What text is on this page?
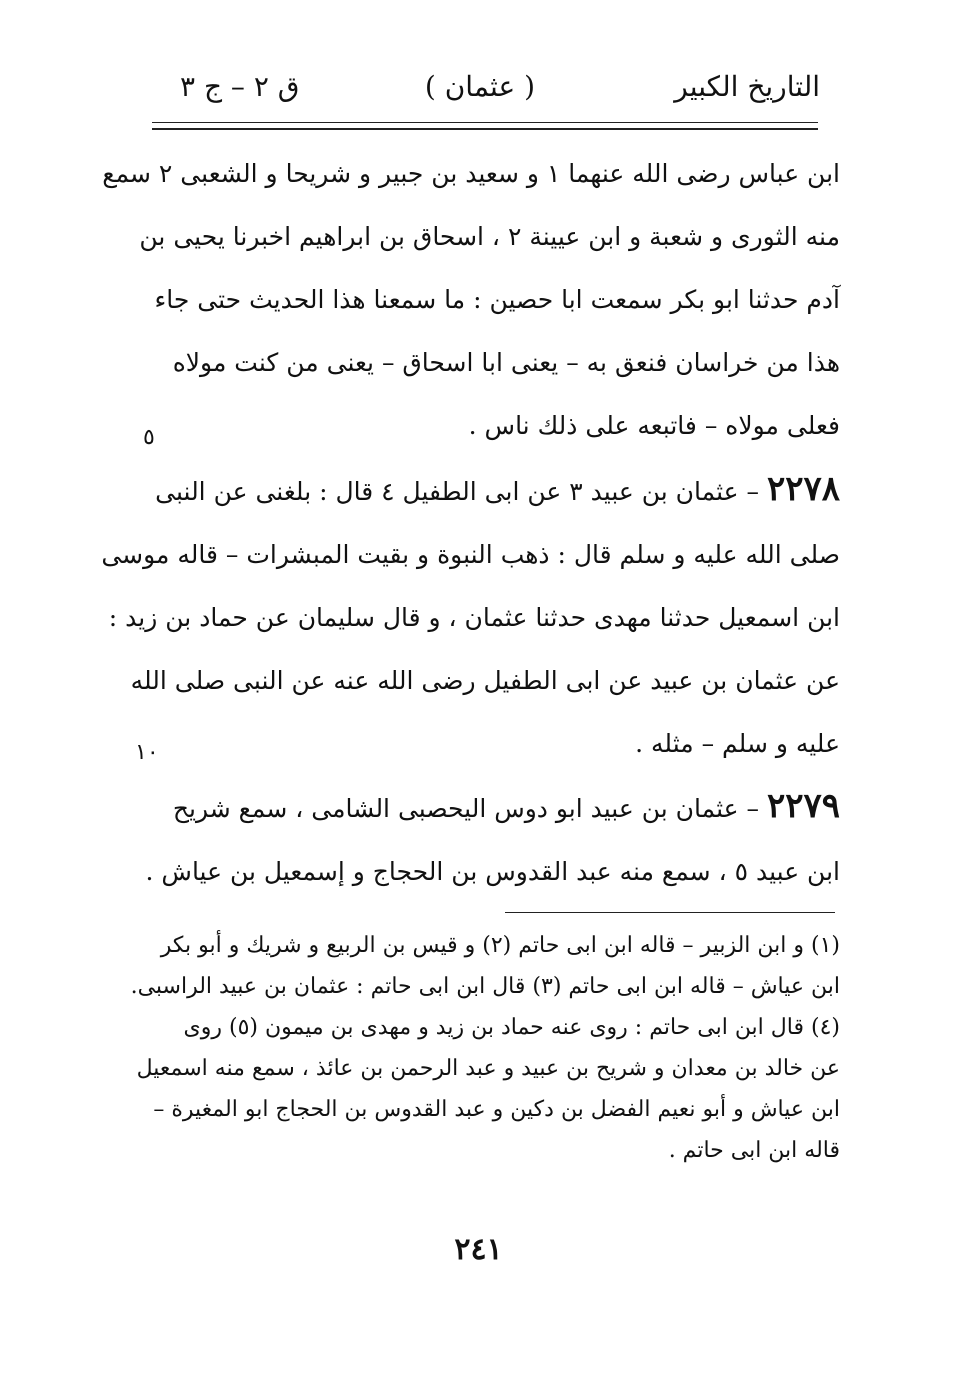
التاريخ الكبير
( عثمان )
ق ٢ – ج ٣
ابن عباس رضى الله عنهما ١ و سعيد بن جبير و شريحا و الشعبى ٢ سمع
منه الثورى و شعبة و ابن عيينة ٢ ، اسحاق بن ابراهيم اخبرنا يحيى بن
آدم حدثنا ابو بكر سمعت ابا حصين : ما سمعنا هذا الحديث حتى جاء
هذا من خراسان فنعق به – يعنى ابا اسحاق – يعنى من كنت مولاه
فعلى مولاه – فاتبعه على ذلك ناس .
٥
٢٢٧٨ – عثمان بن عبيد ٣ عن ابى الطفيل ٤ قال : بلغنى عن النبى
صلى الله عليه و سلم قال : ذهب النبوة و بقيت المبشرات – قاله موسى
ابن اسمعيل حدثنا مهدى حدثنا عثمان ، و قال سليمان عن حماد بن زيد :
عن عثمان بن عبيد عن ابى الطفيل رضى الله عنه عن النبى صلى الله
عليه و سلم – مثله .
١٠
٢٢٧٩ – عثمان بن عبيد ابو دوس اليحصبى الشامى ، سمع شريح
ابن عبيد ٥ ، سمع منه عبد القدوس بن الحجاج و إسمعيل بن عياش .
(١) و ابن الزبير – قاله ابن ابى حاتم (٢) و قيس بن الربيع و شريك و أبو بكر
ابن عياش – قاله ابن ابى حاتم (٣) قال ابن ابى حاتم : عثمان بن عبيد الراسبى.
(٤) قال ابن ابى حاتم : روى عنه حماد بن زيد و مهدى بن ميمون (٥) روى
عن خالد بن معدان و شريح بن عبيد و عبد الرحمن بن عائذ ، سمع منه اسمعيل
ابن عياش و أبو نعيم الفضل بن دكين و عبد القدوس بن الحجاج ابو المغيرة –
قاله ابن ابى حاتم .
٢٤١
